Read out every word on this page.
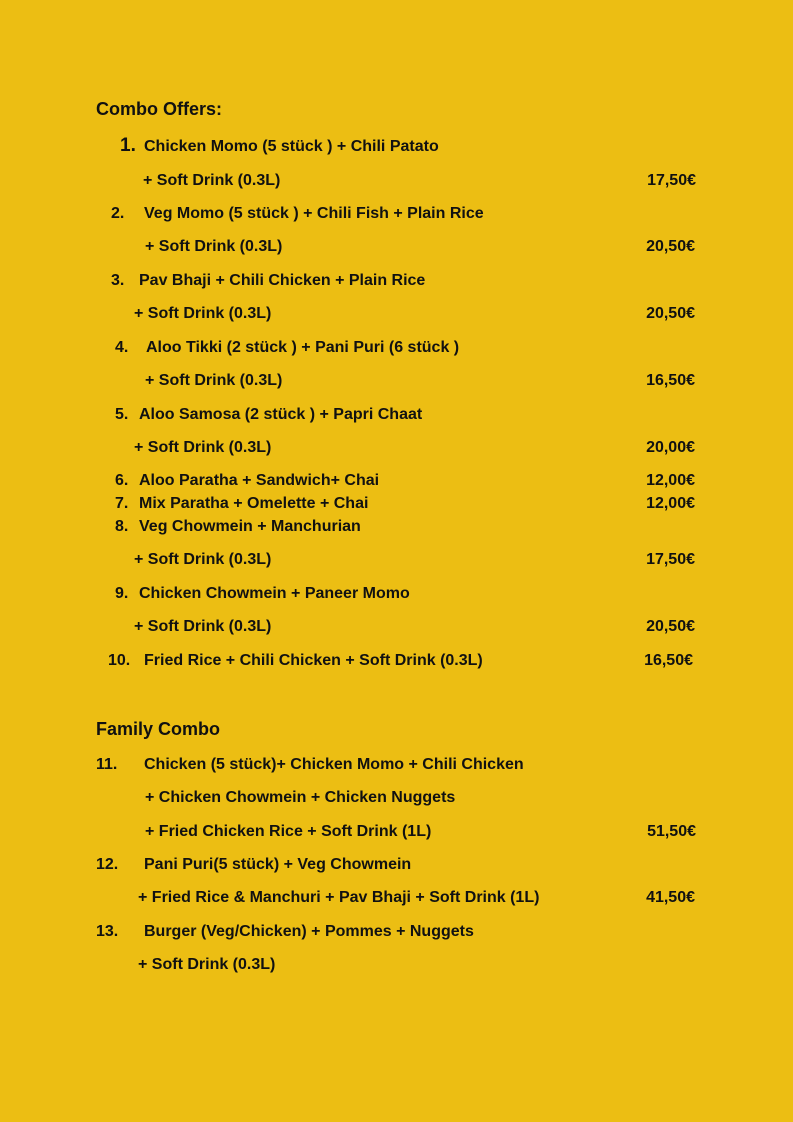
Combo Offers:
1. Chicken Momo (5 stück ) + Chili Patato
+ Soft Drink (0.3L)	17,50€
2. Veg Momo (5 stück ) + Chili Fish + Plain Rice
+ Soft Drink (0.3L)	20,50€
3. Pav Bhaji + Chili Chicken + Plain Rice
+ Soft Drink (0.3L)	20,50€
4. Aloo Tikki (2 stück ) + Pani Puri (6 stück )
+ Soft Drink (0.3L)	16,50€
5. Aloo Samosa (2 stück ) + Papri Chaat
+ Soft Drink (0.3L)	20,00€
6. Aloo Paratha + Sandwich+ Chai	12,00€
7. Mix Paratha + Omelette + Chai	12,00€
8. Veg Chowmein + Manchurian
+ Soft Drink (0.3L)	17,50€
9. Chicken Chowmein + Paneer Momo
+ Soft Drink (0.3L)	20,50€
10. Fried Rice + Chili Chicken + Soft Drink (0.3L)	16,50€
Family Combo
11. Chicken (5 stück)+ Chicken Momo + Chili Chicken
+ Chicken Chowmein + Chicken Nuggets
+ Fried Chicken Rice + Soft Drink (1L)	51,50€
12. Pani Puri(5 stück) + Veg Chowmein
+ Fried Rice & Manchuri + Pav Bhaji + Soft Drink (1L)	41,50€
13. Burger (Veg/Chicken) + Pommes + Nuggets
+ Soft Drink (0.3L)
